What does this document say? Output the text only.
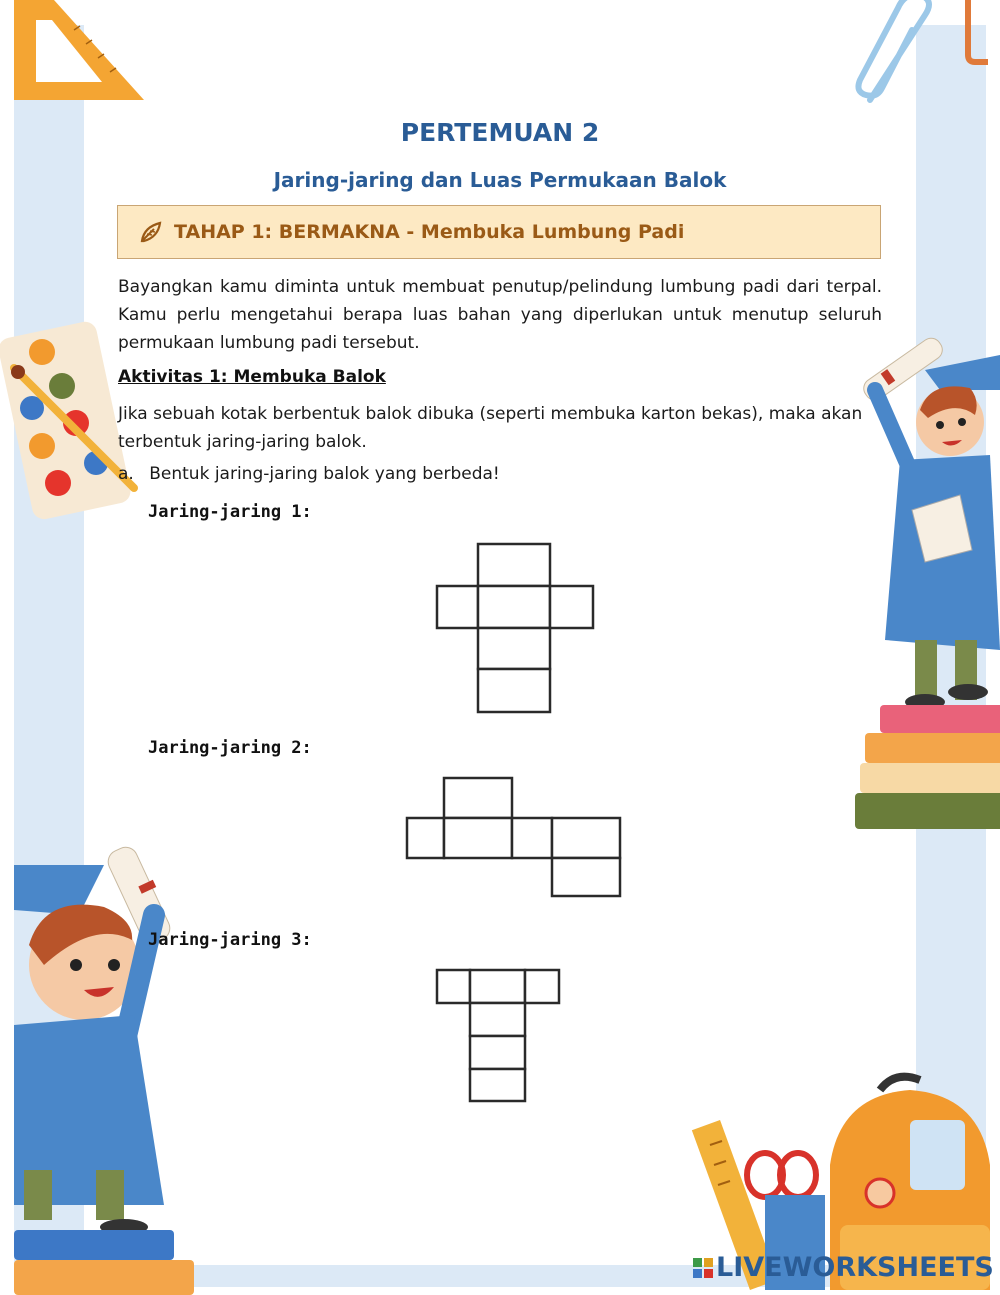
PERTEMUAN 2
Jaring-jaring dan Luas Permukaan Balok
TAHAP 1: BERMAKNA - Membuka Lumbung Padi
Bayangkan kamu diminta untuk membuat penutup/pelindung lumbung padi dari terpal. Kamu perlu mengetahui berapa luas bahan yang diperlukan untuk menutup seluruh permukaan lumbung padi tersebut.
Aktivitas 1: Membuka Balok
Jika sebuah kotak berbentuk balok dibuka (seperti membuka karton bekas), maka akan terbentuk jaring-jaring balok.
a. Bentuk jaring-jaring balok yang berbeda!
Jaring-jaring 1:
Jaring-jaring 2:
Jaring-jaring 3:
LIVEWORKSHEETS
